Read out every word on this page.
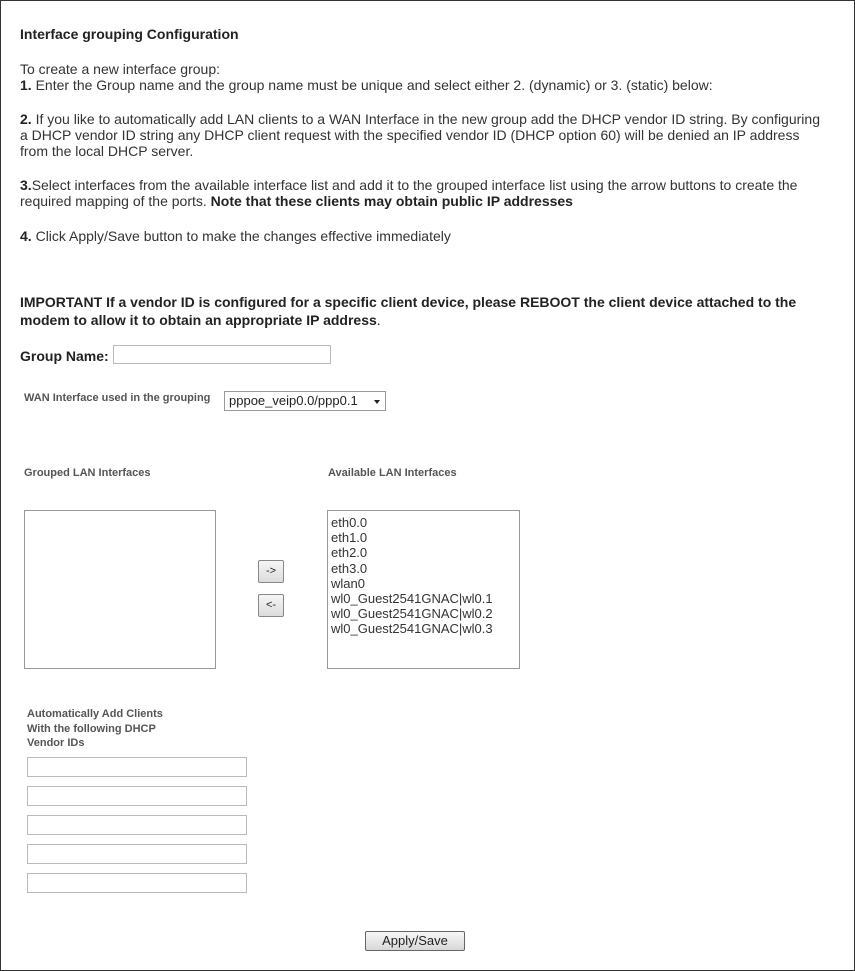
Interface grouping Configuration
To create a new interface group:
1. Enter the Group name and the group name must be unique and select either 2. (dynamic) or 3. (static) below:
2. If you like to automatically add LAN clients to a WAN Interface in the new group add the DHCP vendor ID string. By configuring a DHCP vendor ID string any DHCP client request with the specified vendor ID (DHCP option 60) will be denied an IP address from the local DHCP server.
3.Select interfaces from the available interface list and add it to the grouped interface list using the arrow buttons to create the required mapping of the ports. Note that these clients may obtain public IP addresses
4. Click Apply/Save button to make the changes effective immediately
IMPORTANT If a vendor ID is configured for a specific client device, please REBOOT the client device attached to the modem to allow it to obtain an appropriate IP address.
Group Name:
WAN Interface used in the grouping	pppoe_veip0.0/ppp0.1
Grouped LAN Interfaces	Available LAN Interfaces
eth0.0
eth1.0
eth2.0
eth3.0
wlan0
wl0_Guest2541GNAC|wl0.1
wl0_Guest2541GNAC|wl0.2
wl0_Guest2541GNAC|wl0.3
->
<-
Automatically Add Clients
With the following DHCP
Vendor IDs
Apply/Save
